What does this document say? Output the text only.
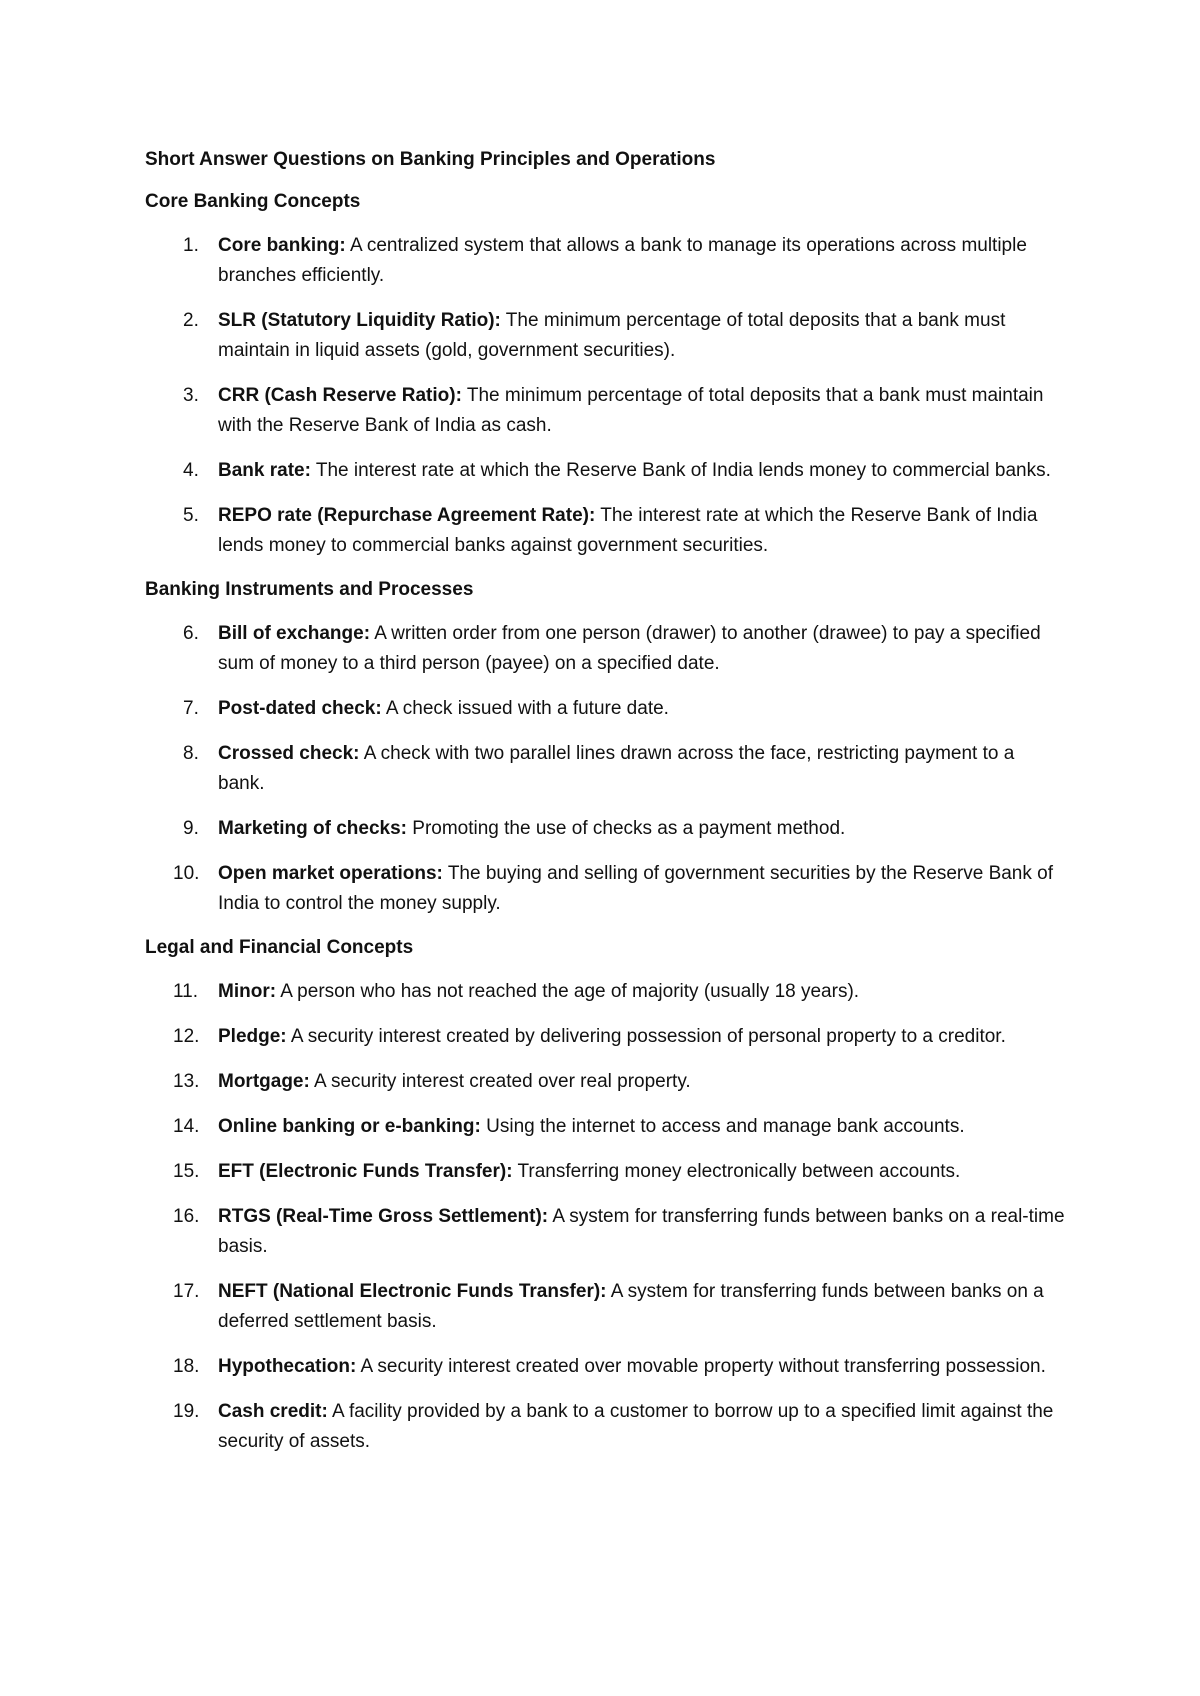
Short Answer Questions on Banking Principles and Operations
Core Banking Concepts
1. Core banking: A centralized system that allows a bank to manage its operations across multiple branches efficiently.
2. SLR (Statutory Liquidity Ratio): The minimum percentage of total deposits that a bank must maintain in liquid assets (gold, government securities).
3. CRR (Cash Reserve Ratio): The minimum percentage of total deposits that a bank must maintain with the Reserve Bank of India as cash.
4. Bank rate: The interest rate at which the Reserve Bank of India lends money to commercial banks.
5. REPO rate (Repurchase Agreement Rate): The interest rate at which the Reserve Bank of India lends money to commercial banks against government securities.
Banking Instruments and Processes
6. Bill of exchange: A written order from one person (drawer) to another (drawee) to pay a specified sum of money to a third person (payee) on a specified date.
7. Post-dated check: A check issued with a future date.
8. Crossed check: A check with two parallel lines drawn across the face, restricting payment to a bank.
9. Marketing of checks: Promoting the use of checks as a payment method.
10. Open market operations: The buying and selling of government securities by the Reserve Bank of India to control the money supply.
Legal and Financial Concepts
11. Minor: A person who has not reached the age of majority (usually 18 years).
12. Pledge: A security interest created by delivering possession of personal property to a creditor.
13. Mortgage: A security interest created over real property.
14. Online banking or e-banking: Using the internet to access and manage bank accounts.
15. EFT (Electronic Funds Transfer): Transferring money electronically between accounts.
16. RTGS (Real-Time Gross Settlement): A system for transferring funds between banks on a real-time basis.
17. NEFT (National Electronic Funds Transfer): A system for transferring funds between banks on a deferred settlement basis.
18. Hypothecation: A security interest created over movable property without transferring possession.
19. Cash credit: A facility provided by a bank to a customer to borrow up to a specified limit against the security of assets.
